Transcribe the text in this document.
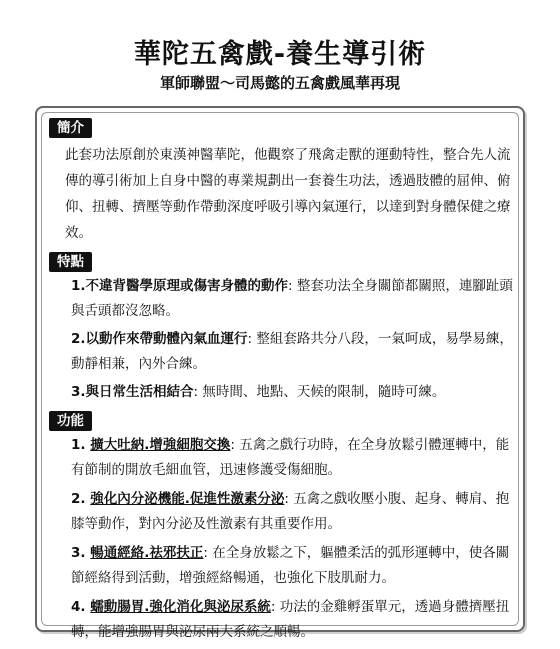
華陀五禽戲-養生導引術
軍師聯盟～司馬懿的五禽戲風華再現
簡介

此套功法原創於東漢神醫華陀，他觀察了飛禽走獸的運動特性，整合先人流傳的導引術加上自身中醫的專業規劃出一套養生功法，透過肢體的屈伸、俯仰、扭轉、擠壓等動作帶動深度呼吸引導內氣運行，以達到對身體保健之療效。

特點
1.不違背醫學原理或傷害身體的動作: 整套功法全身關節都關照，連腳趾頭與舌頭都沒忽略。
2.以動作來帶動體內氣血運行: 整組套路共分八段，一氣呵成，易學易練，動靜相兼，內外合練。
3.與日常生活相結合: 無時間、地點、天候的限制，隨時可練。
功能
1. 擴大吐納.增強細胞交換: 五禽之戲行功時，在全身放鬆引體運轉中，能有節制的開放毛細血管，迅速修護受傷細胞。
2. 強化內分泌機能.促進性激素分泌: 五禽之戲收壓小腹、起身、轉肩、抱膝等動作，對內分泌及性激素有其重要作用。
3. 暢通經絡.祛邪扶正: 在全身放鬆之下，軀體柔活的弧形運轉中，使各關節經絡得到活動，增強經絡暢通，也強化下肢肌耐力。
4. 蠕動腸胃.強化消化與泌尿系統: 功法的金雞孵蛋單元，透過身體擠壓扭轉，能增強腸胃與泌尿兩大系統之順暢。
